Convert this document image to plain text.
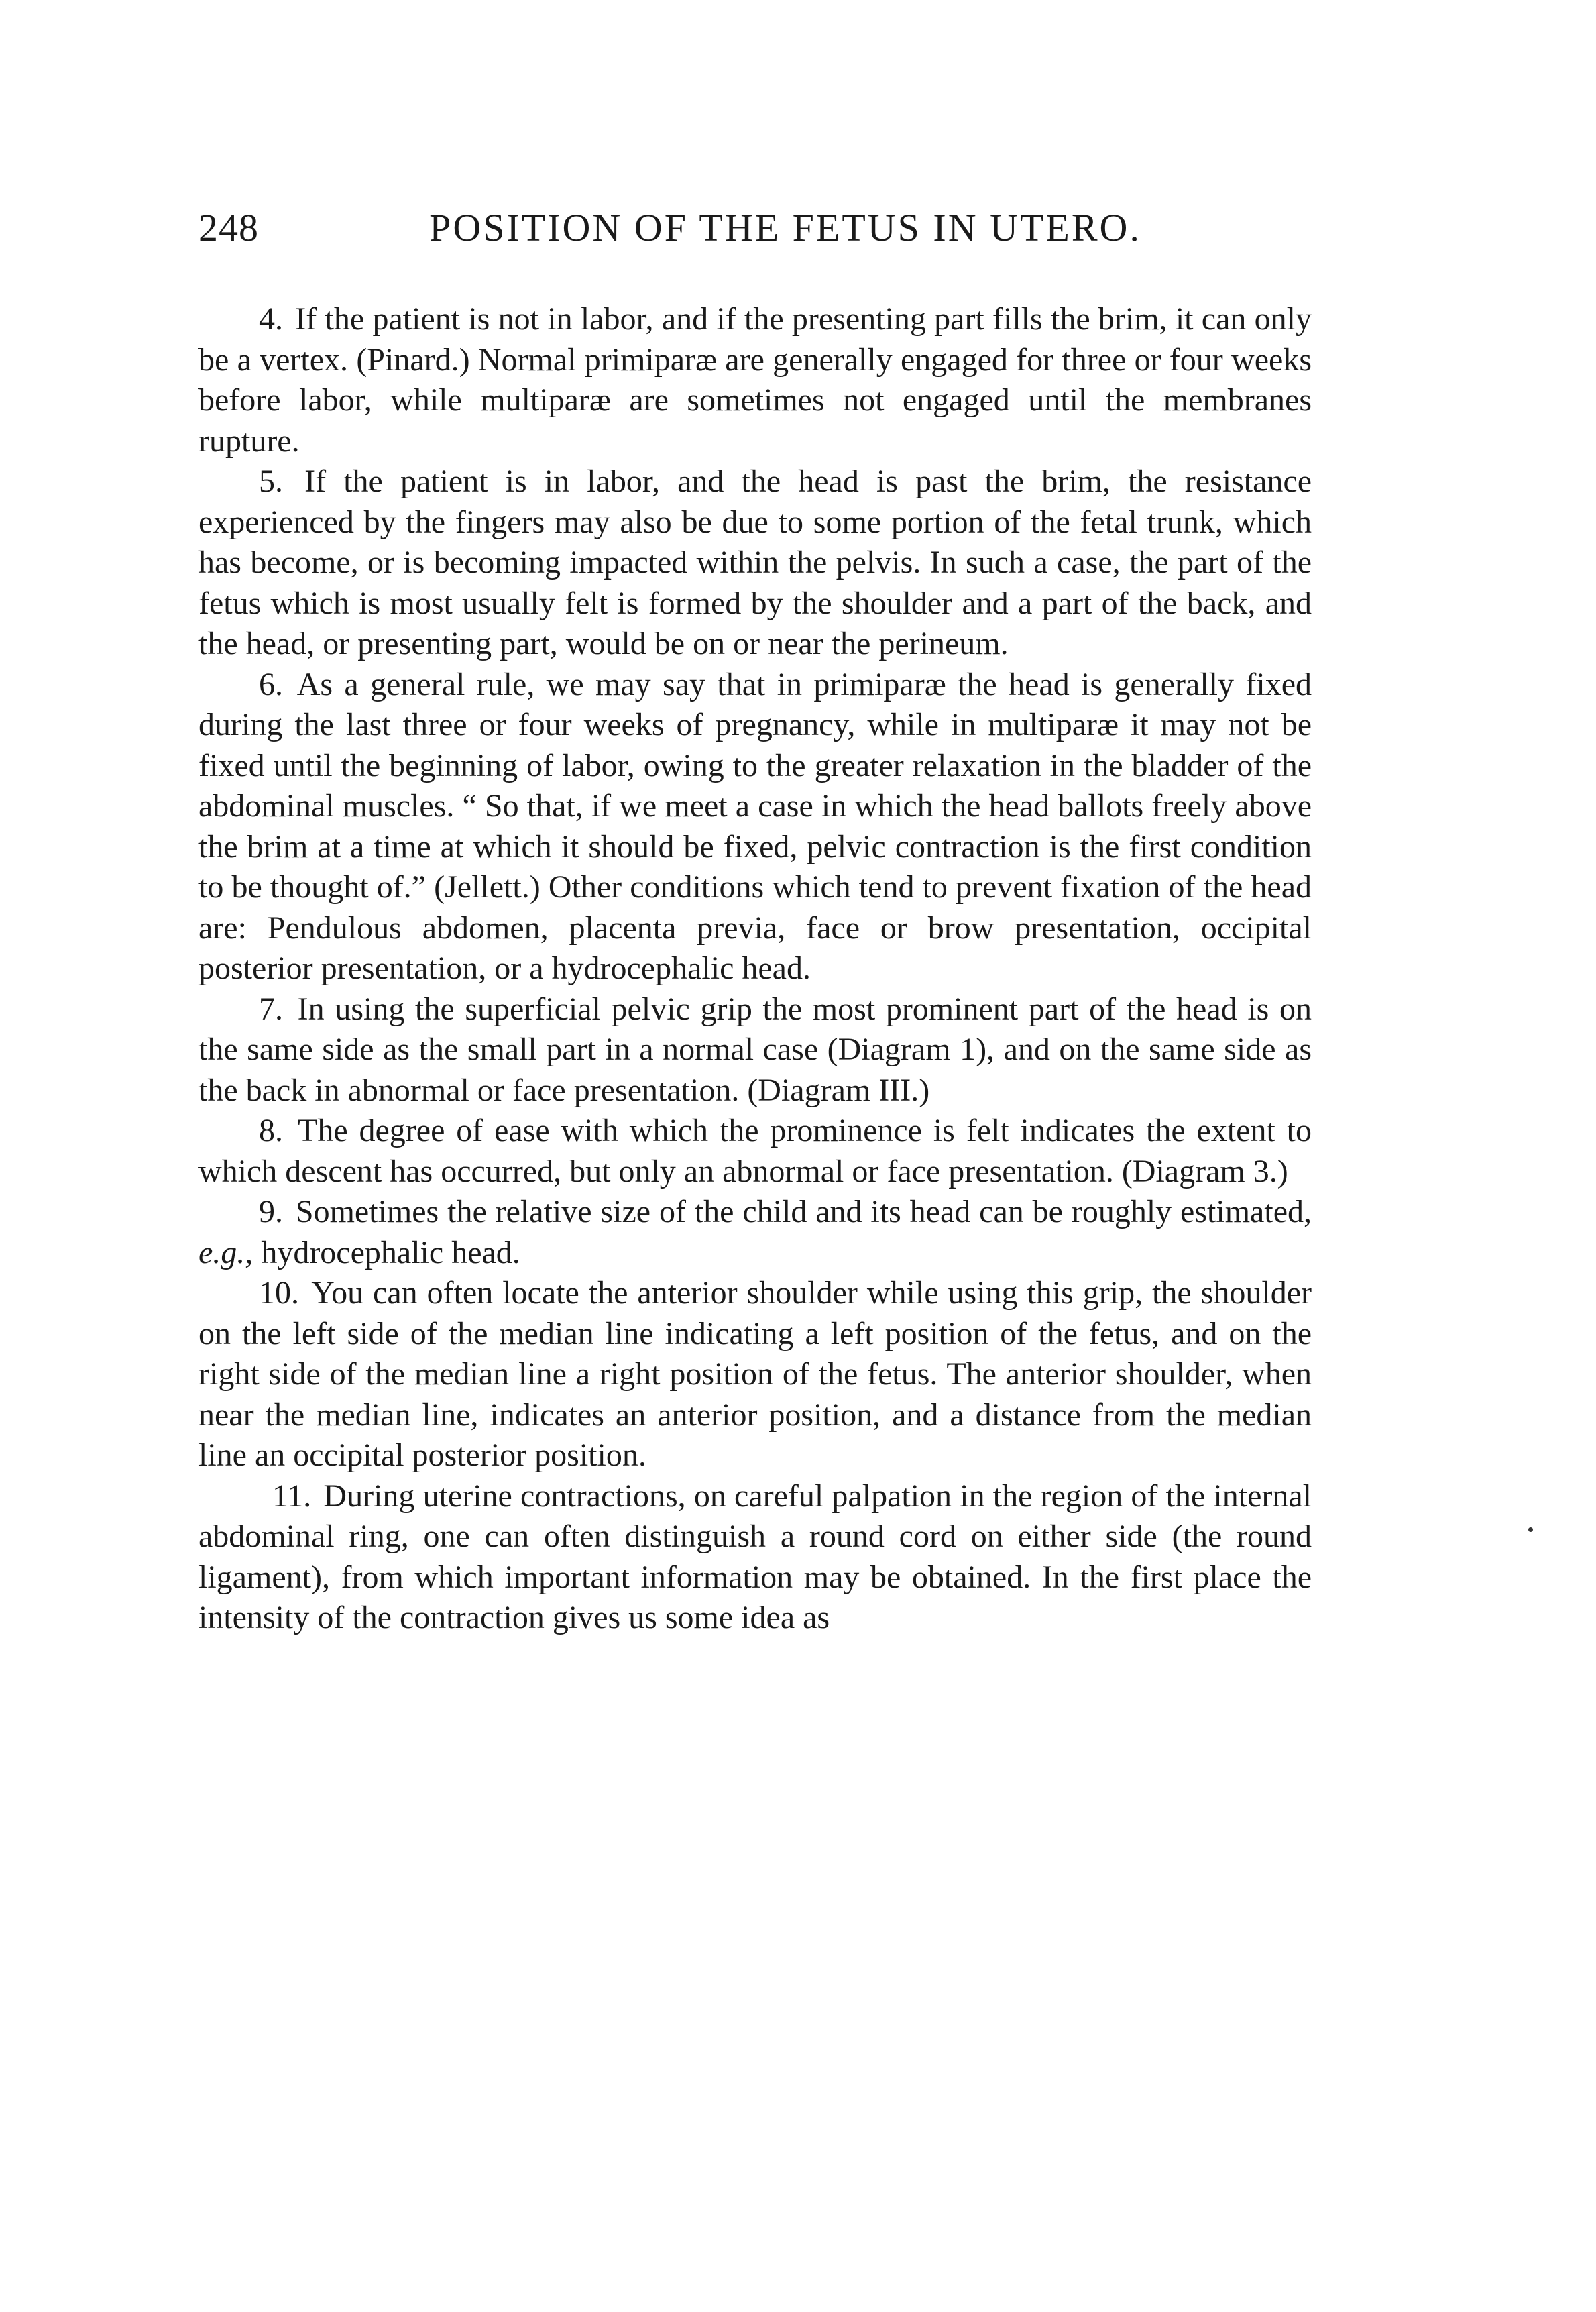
248	POSITION OF THE FETUS IN UTERO.

4. If the patient is not in labor, and if the presenting part fills the brim, it can only be a vertex. (Pinard.) Normal primiparæ are generally engaged for three or four weeks before labor, while multiparæ are sometimes not engaged until the membranes rupture.

5. If the patient is in labor, and the head is past the brim, the resistance experienced by the fingers may also be due to some portion of the fetal trunk, which has become, or is becoming impacted within the pelvis. In such a case, the part of the fetus which is most usually felt is formed by the shoulder and a part of the back, and the head, or presenting part, would be on or near the perineum.

6. As a general rule, we may say that in primiparæ the head is generally fixed during the last three or four weeks of pregnancy, while in multiparæ it may not be fixed until the beginning of labor, owing to the greater relaxation in the bladder of the abdominal muscles. “ So that, if we meet a case in which the head ballots freely above the brim at a time at which it should be fixed, pelvic contraction is the first condition to be thought of.” (Jellett.) Other conditions which tend to prevent fixation of the head are: Pendulous abdomen, placenta previa, face or brow presentation, occipital posterior presentation, or a hydrocephalic head.

7. In using the superficial pelvic grip the most prominent part of the head is on the same side as the small part in a normal case (Diagram 1), and on the same side as the back in abnormal or face presentation. (Diagram III.)

8. The degree of ease with which the prominence is felt indicates the extent to which descent has occurred, but only an abnormal or face presentation. (Diagram 3.)

9. Sometimes the relative size of the child and its head can be roughly estimated, e.g., hydrocephalic head.

10. You can often locate the anterior shoulder while using this grip, the shoulder on the left side of the median line indicating a left position of the fetus, and on the right side of the median line a right position of the fetus. The anterior shoulder, when near the median line, indicates an anterior position, and a distance from the median line an occipital posterior position.

11. During uterine contractions, on careful palpation in the region of the internal abdominal ring, one can often distinguish a round cord on either side (the round ligament), from which important information may be obtained. In the first place the intensity of the contraction gives us some idea as
